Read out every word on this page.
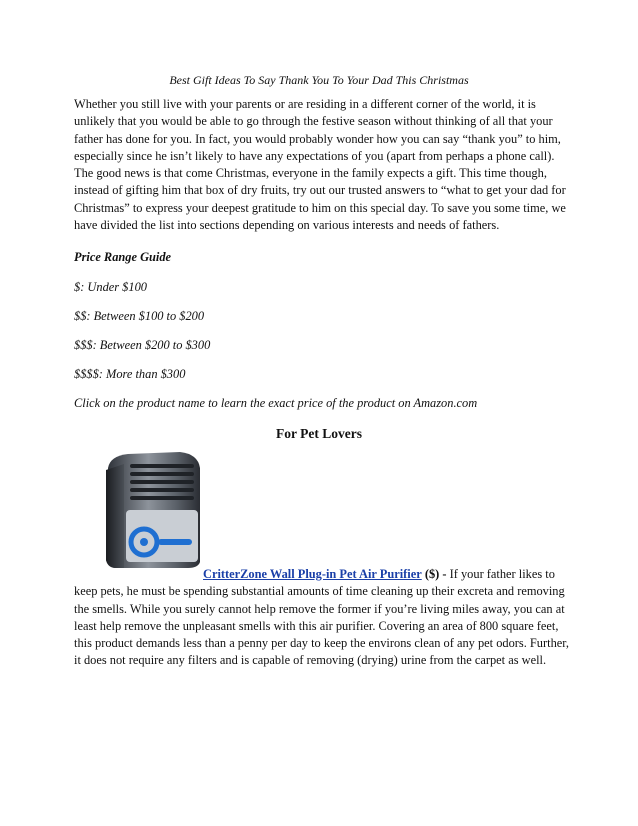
Best Gift Ideas To Say Thank You To Your Dad This Christmas

Whether you still live with your parents or are residing in a different corner of the world, it is unlikely that you would be able to go through the festive season without thinking of all that your father has done for you. In fact, you would probably wonder how you can say “thank you” to him, especially since he isn’t likely to have any expectations of you (apart from perhaps a phone call). The good news is that come Christmas, everyone in the family expects a gift. This time though, instead of gifting him that box of dry fruits, try out our trusted answers to “what to get your dad for Christmas” to express your deepest gratitude to him on this special day. To save you some time, we have divided the list into sections depending on various interests and needs of fathers.

Price Range Guide
$: Under $100
$$: Between $100 to $200
$$$: Between $200 to $300
$$$$: More than $300
Click on the product name to learn the exact price of the product on Amazon.com
For Pet Lovers

CritterZone Wall Plug-in Pet Air Purifier ($) - If your father likes to keep pets, he must be spending substantial amounts of time cleaning up their excreta and removing the smells. While you surely cannot help remove the former if you’re living miles away, you can at least help remove the unpleasant smells with this air purifier. Covering an area of 800 square feet, this product demands less than a penny per day to keep the environs clean of any pet odors. Further, it does not require any filters and is capable of removing (drying) urine from the carpet as well.
